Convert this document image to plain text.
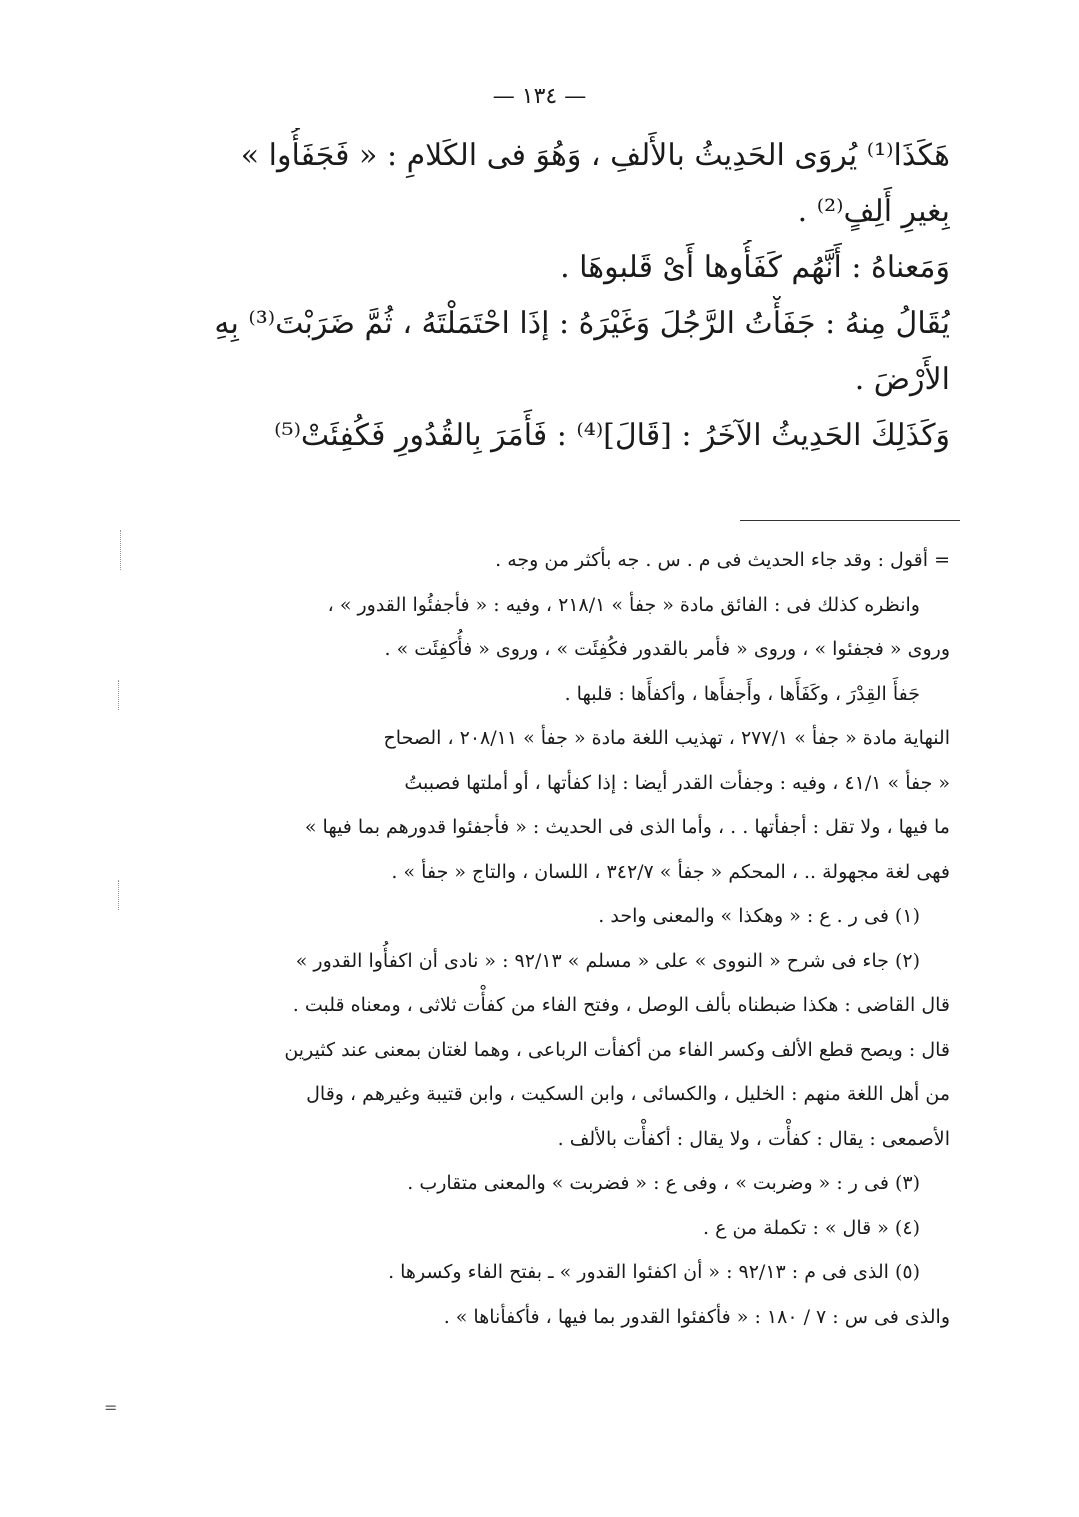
— ١٣٤ —
هَكَذَا⁽¹⁾ يُروَى الحَدِيثُ بالأَلفِ ، وَهُوَ فى الكَلامِ : « فَجَفَأُوا »
بِغيرِ أَلِفٍ⁽²⁾ .
وَمَعناهُ : أَنَّهُم كَفَأُوها أَىْ قَلبوهَا .
يُقَالُ مِنهُ : جَفَأْتُ الرَّجُلَ وَغَيْرَهُ : إذَا احْتَمَلْتَهُ ، ثُمَّ ضَرَبْتَ⁽³⁾ بِهِ
الأَرْضَ .
وَكَذَلِكَ الحَدِيثُ الآخَرُ : [قَالَ]⁽⁴⁾ : فَأَمَرَ بِالقُدُورِ فَكُفِئَتْ⁽⁵⁾
= أقول : وقد جاء الحديث فى م . س . جه بأكثر من وجه .
وانظره كذلك فى : الفائق مادة « جفأ » ٢١٨/١ ، وفيه : « فأجفئُوا القدور » ،
وروى « فجفئوا » ، وروى « فأمر بالقدور فكُفِئَت » ، وروى « فأُكفِئَت » .
جَفأَ القِدْرَ ، وكَفَأَها ، وأَجفأَها ، وأكفأَها : قلبها .
النهاية مادة « جفأ » ٢٧٧/١ ، تهذيب اللغة مادة « جفأ » ٢٠٨/١١ ، الصحاح
« جفأ » ٤١/١ ، وفيه : وجفأت القدر أيضا : إذا كفأتها ، أو أملتها فصببتُ
ما فيها ، ولا تقل : أجفأتها . . ، وأما الذى فى الحديث : « فأجفئوا قدورهم بما فيها »
فهى لغة مجهولة .. ، المحكم « جفأ » ٣٤٢/٧ ، اللسان ، والتاج « جفأ » .
(١) فى ر . ع : « وهكذا » والمعنى واحد .
(٢) جاء فى شرح « النووى » على « مسلم » ٩٢/١٣ : « نادى أن اكفأُوا القدور »
قال القاضى : هكذا ضبطناه بألف الوصل ، وفتح الفاء من كفأْت ثلاثى ، ومعناه قلبت .
قال : ويصح قطع الألف وكسر الفاء من أكفأت الرباعى ، وهما لغتان بمعنى عند كثيرين
من أهل اللغة منهم : الخليل ، والكسائى ، وابن السكيت ، وابن قتيبة وغيرهم ، وقال
الأصمعى : يقال : كفأْت ، ولا يقال : أكفأْت بالألف .
(٣) فى ر : « وضربت » ، وفى ع : « فضربت » والمعنى متقارب .
(٤) « قال » : تكملة من ع .
(٥) الذى فى م : ٩٢/١٣ : « أن اكفئوا القدور » ـ بفتح الفاء وكسرها .
والذى فى س : ٧ / ١٨٠ : « فأكفئوا القدور بما فيها ، فأكفأناها » .
=
